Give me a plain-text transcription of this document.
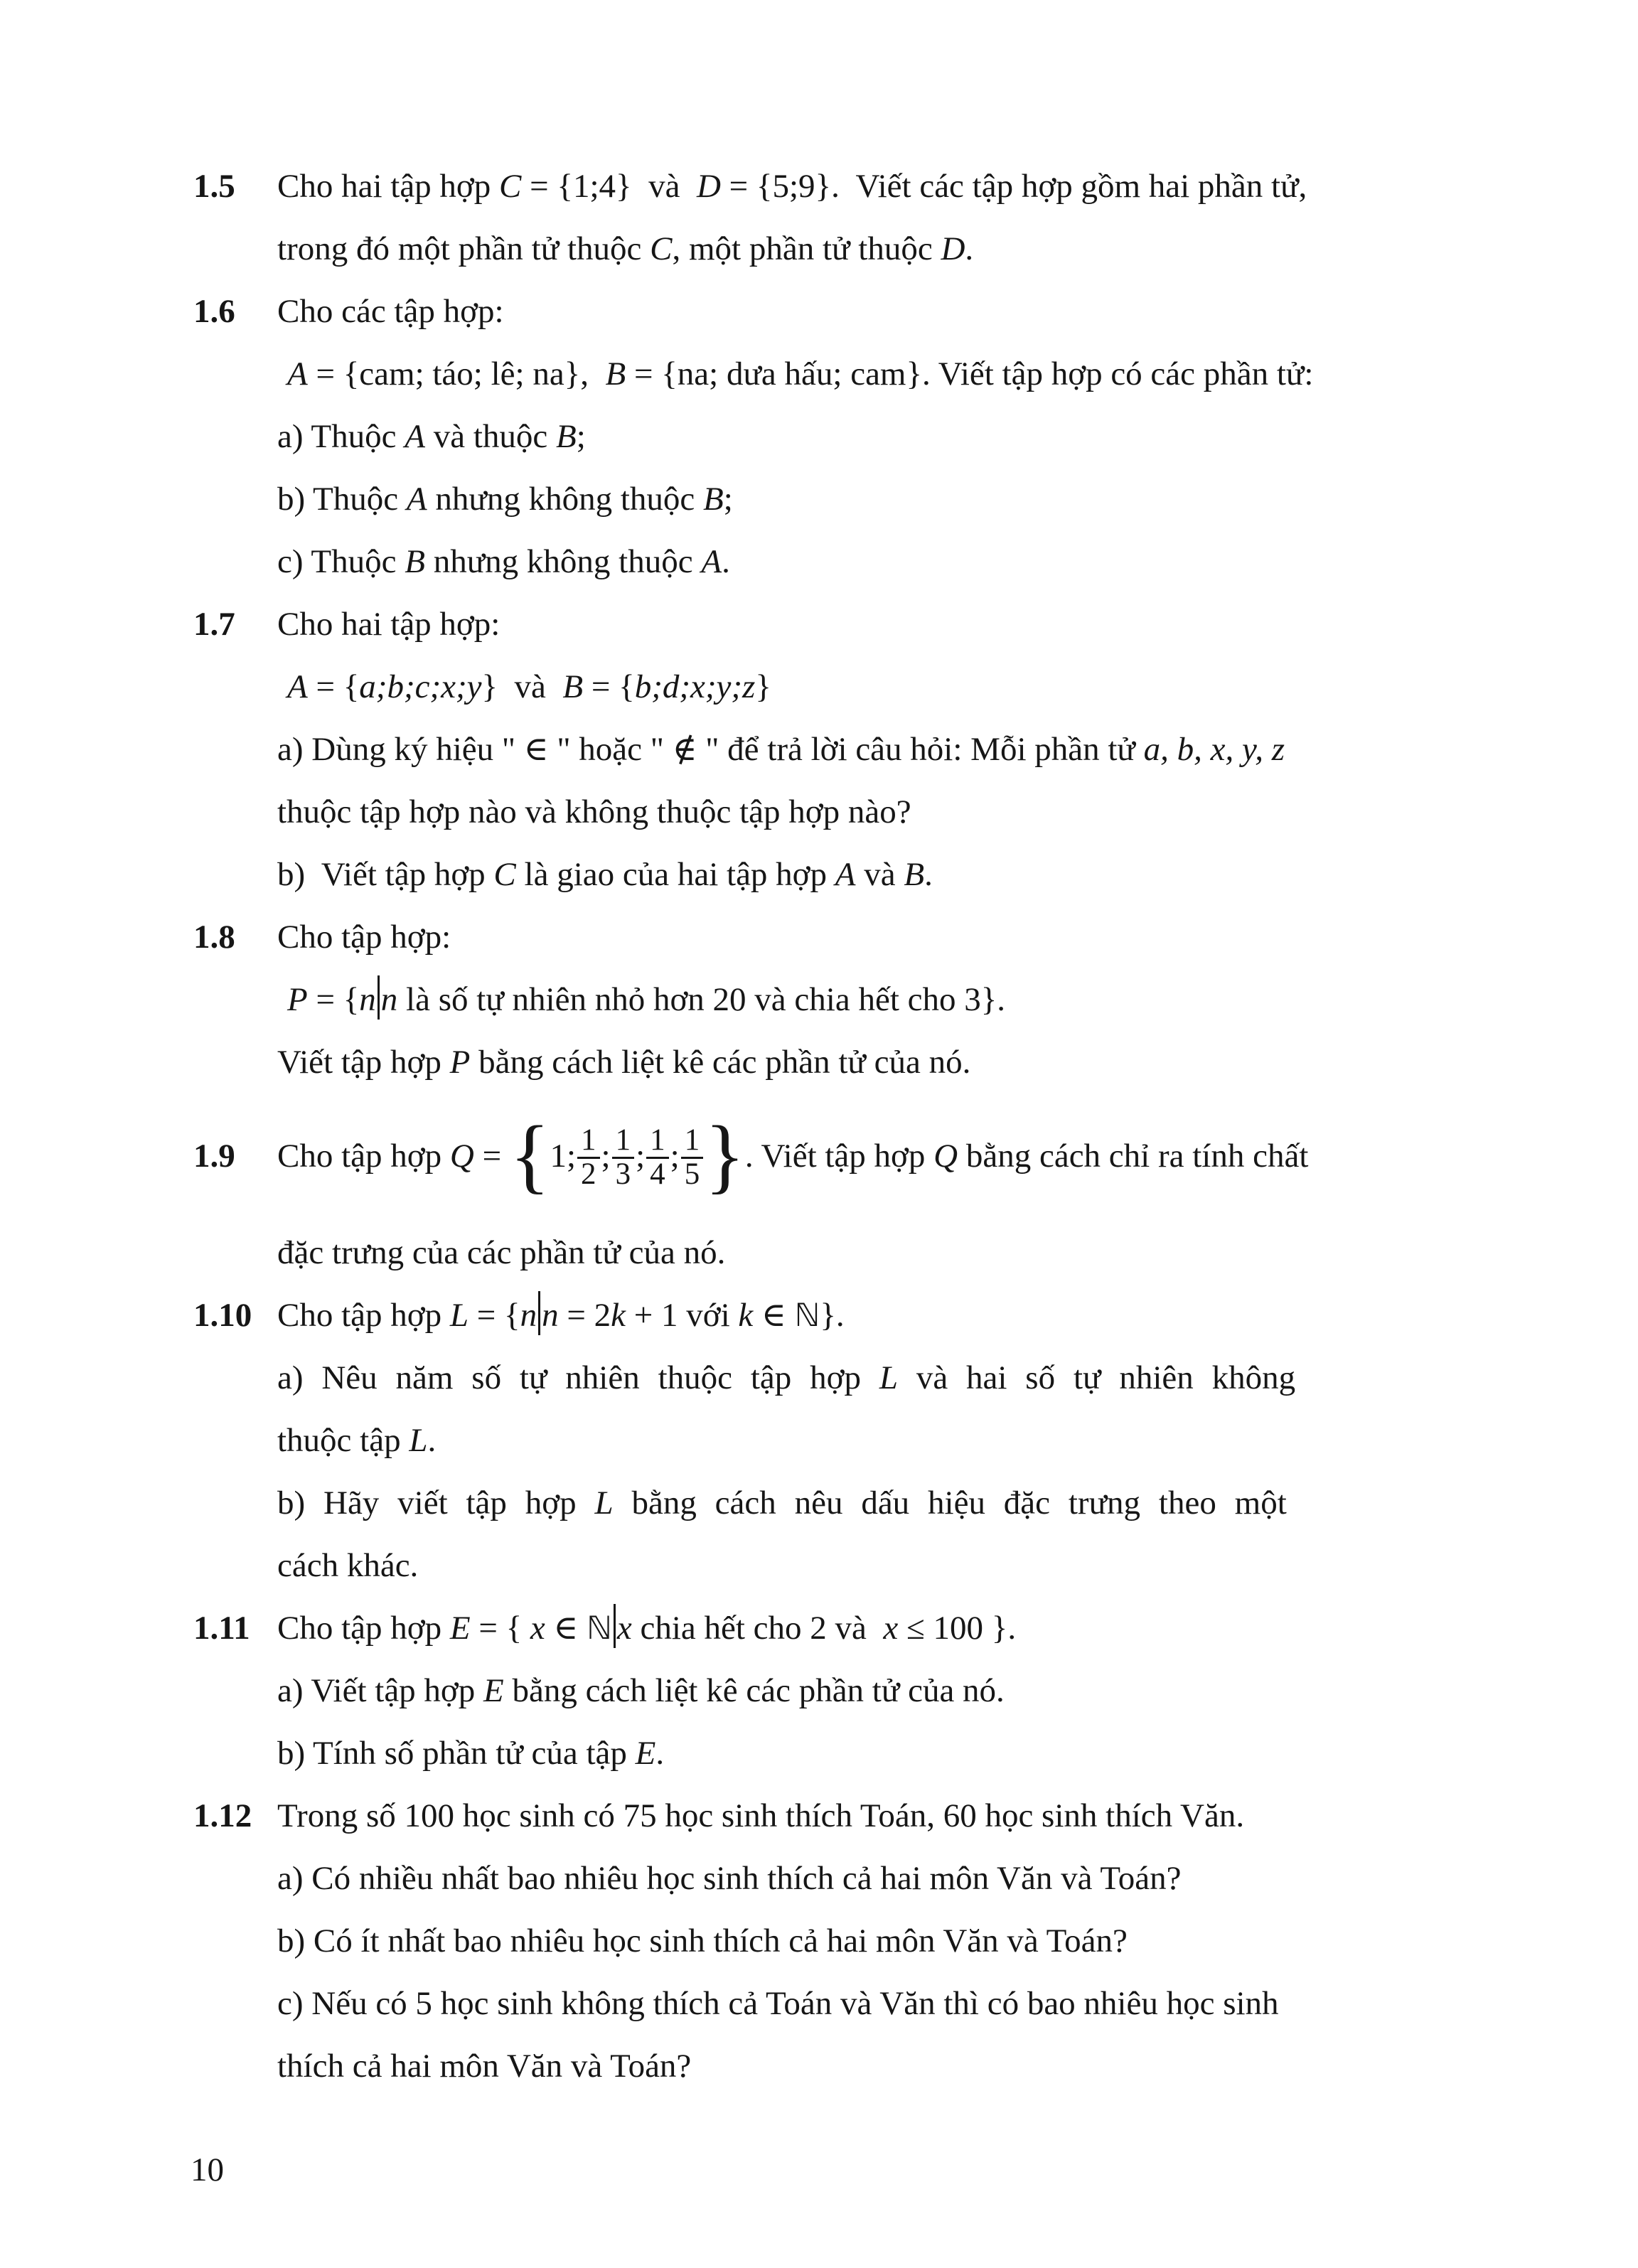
1.5	Cho hai tập hợp C = {1;4}  và  D = {5;9}.  Viết các tập hợp gồm hai phần tử,
trong đó một phần tử thuộc C, một phần tử thuộc D.
1.6	Cho các tập hợp:
A = {cam; táo; lê; na},  B = {na; dưa hấu; cam}. Viết tập hợp có các phần tử:
a) Thuộc A và thuộc B;
b) Thuộc A nhưng không thuộc B;
c) Thuộc B nhưng không thuộc A.
1.7	Cho hai tập hợp:
A = {a;b;c;x;y}  và  B = {b;d;x;y;z}
a) Dùng ký hiệu " ∈ " hoặc " ∉ " để trả lời câu hỏi: Mỗi phần tử a, b, x, y, z
thuộc tập hợp nào và không thuộc tập hợp nào?
b)  Viết tập hợp C là giao của hai tập hợp A và B.
1.8	Cho tập hợp:
P = {n n là số tự nhiên nhỏ hơn 20 và chia hết cho 3}.
Viết tập hợp P bằng cách liệt kê các phần tử của nó.
1.9	Cho tập hợp Q = {1; $\frac{1}{2}$ ; $\frac{1}{3}$ ; $\frac{1}{4}$ ; $\frac{1}{5}$ }. Viết tập hợp Q bằng cách chỉ ra tính chất
đặc trưng của các phần tử của nó.
1.10 Cho tập hợp L = {n n = 2k + 1 với k ∈ ℕ}.
a) Nêu năm số tự nhiên thuộc tập hợp L và hai số tự nhiên không
thuộc tập L.
b) Hãy viết tập hợp L bằng cách nêu dấu hiệu đặc trưng theo một
cách khác.
1.11 Cho tập hợp E = { x ∈ ℕ x chia hết cho 2 và  x ≤ 100 }.
a) Viết tập hợp E bằng cách liệt kê các phần tử của nó.
b) Tính số phần tử của tập E.
1.12 Trong số 100 học sinh có 75 học sinh thích Toán, 60 học sinh thích Văn.
a) Có nhiều nhất bao nhiêu học sinh thích cả hai môn Văn và Toán?
b) Có ít nhất bao nhiêu học sinh thích cả hai môn Văn và Toán?
c) Nếu có 5 học sinh không thích cả Toán và Văn thì có bao nhiêu học sinh
thích cả hai môn Văn và Toán?
10
